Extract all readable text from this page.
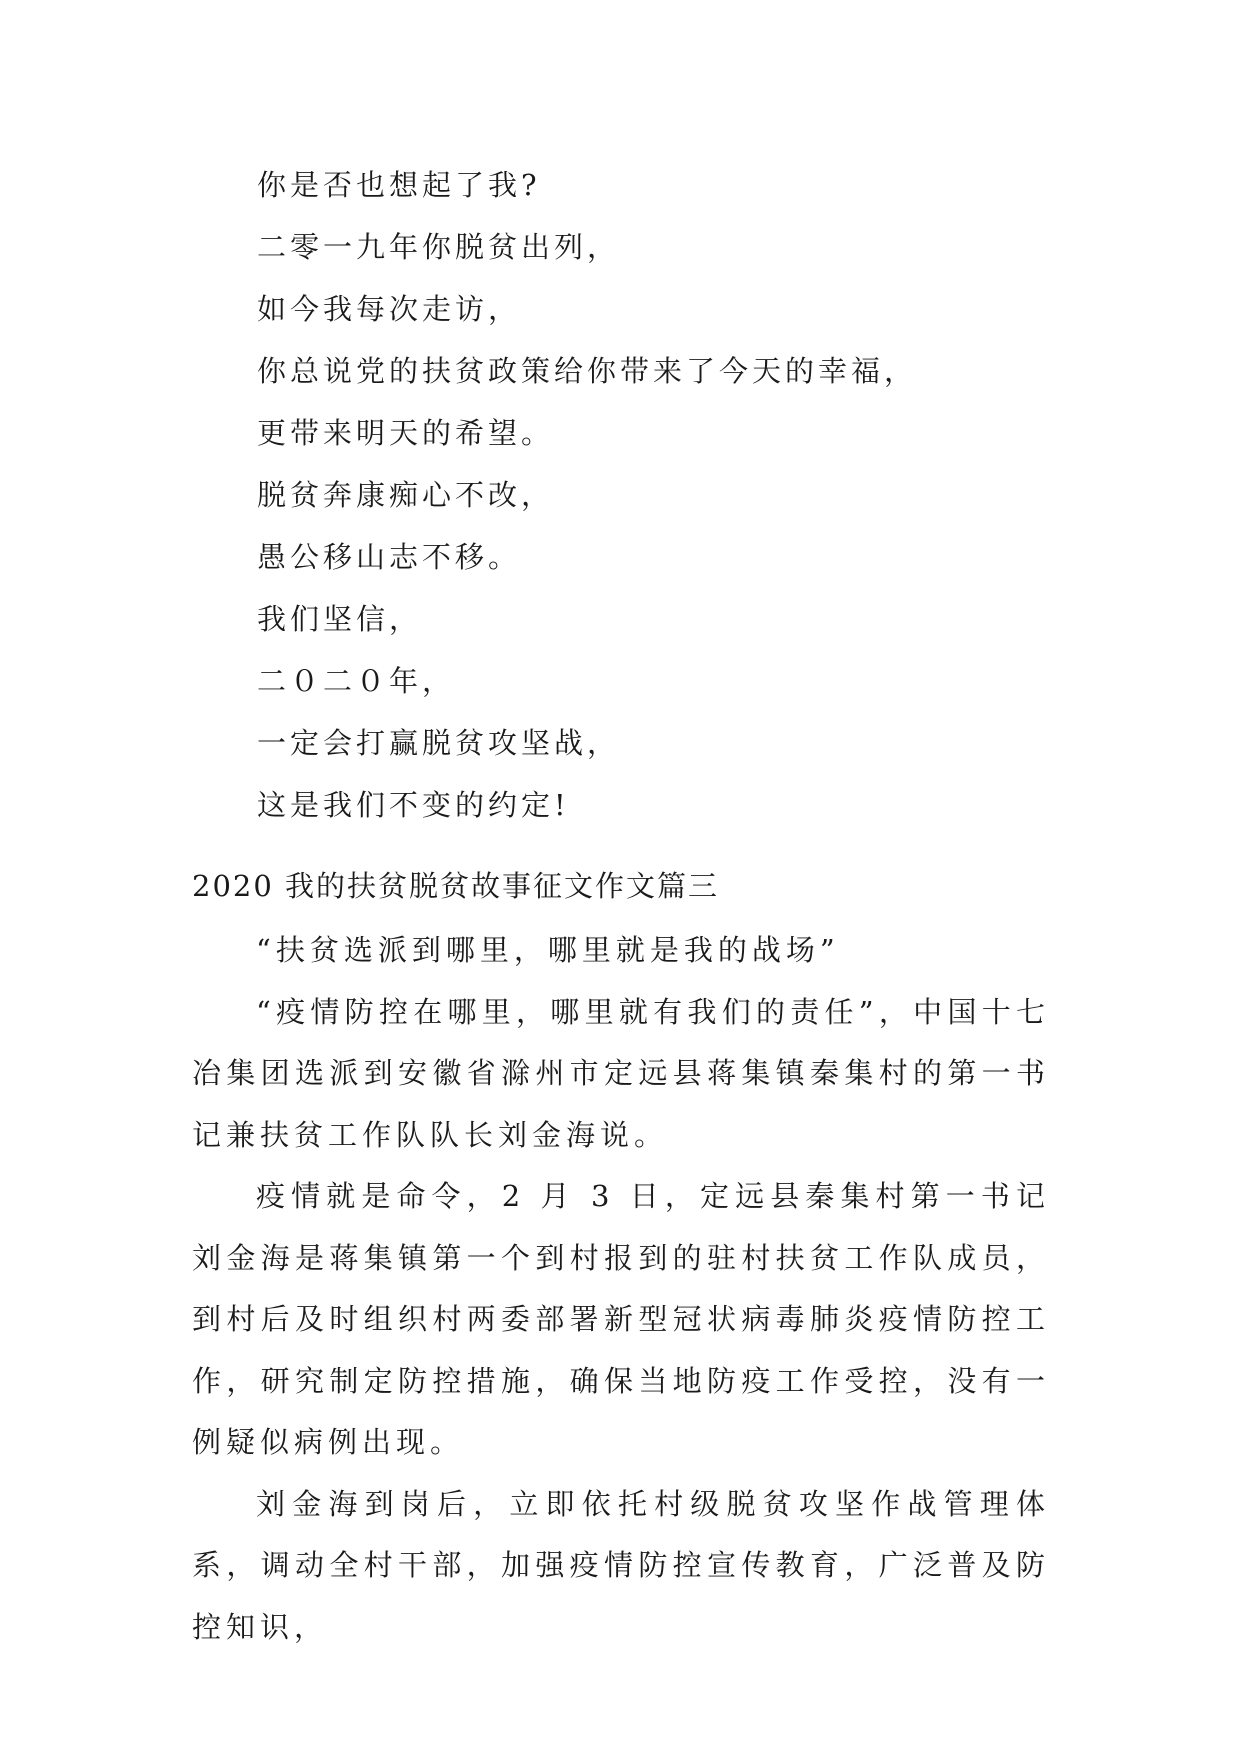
你是否也想起了我?
二零一九年你脱贫出列，
如今我每次走访，
你总说党的扶贫政策给你带来了今天的幸福，
更带来明天的希望。
脱贫奔康痴心不改，
愚公移山志不移。
我们坚信，
二０二０年，
一定会打赢脱贫攻坚战，
这是我们不变的约定!
2020 我的扶贫脱贫故事征文作文篇三

“扶贫选派到哪里，哪里就是我的战场”

“疫情防控在哪里，哪里就有我们的责任”，中国十七冶集团选派到安徽省滁州市定远县蒋集镇秦集村的第一书记兼扶贫工作队队长刘金海说。

疫情就是命令，2 月 3 日，定远县秦集村第一书记刘金海是蒋集镇第一个到村报到的驻村扶贫工作队成员，到村后及时组织村两委部署新型冠状病毒肺炎疫情防控工作，研究制定防控措施，确保当地防疫工作受控，没有一例疑似病例出现。

刘金海到岗后，立即依托村级脱贫攻坚作战管理体系，调动全村干部，加强疫情防控宣传教育，广泛普及防控知识，
